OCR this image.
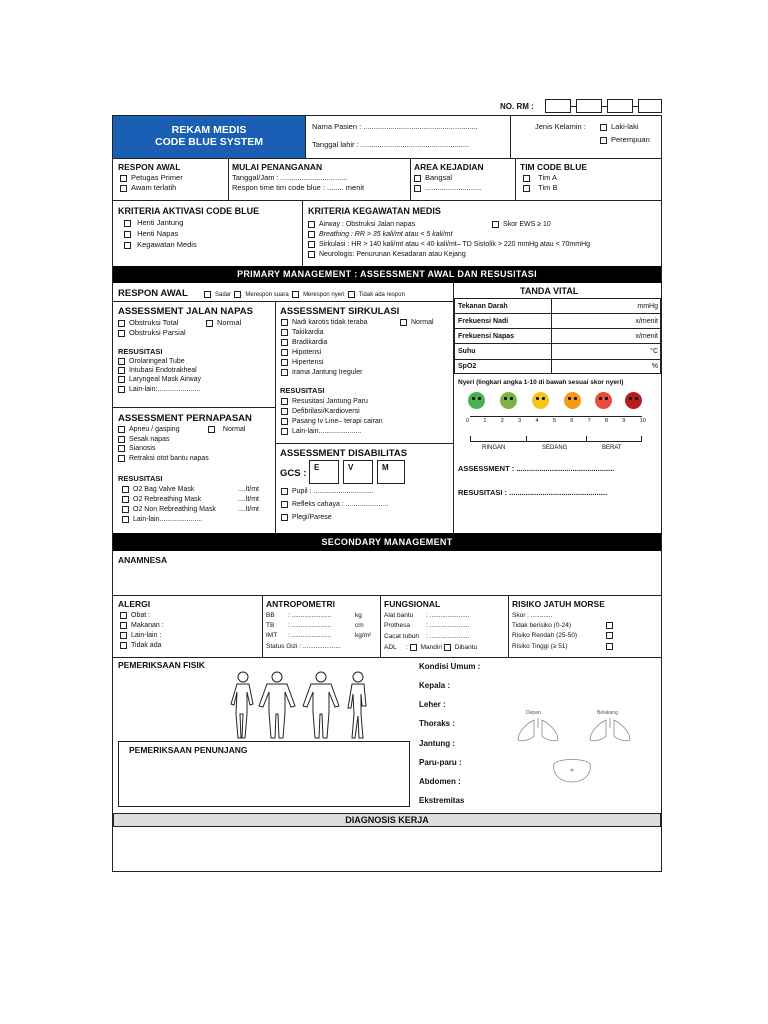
NO. RM :
REKAM MEDIS
CODE BLUE SYSTEM
Nama Pasien : .......................................................
Tanggal lahir : ....................................................
Jenis Kelamin :	Laki-laki
Perempuan
RESPON AWAL
Petugas Primer
Awam terlatih
MULAI PENANGANAN
Tanggal/Jam : ................................
Respon time tim code blue : ........ menit
AREA KEJADIAN
Bangsal
...........................
TIM CODE BLUE
Tim A
Tim B
KRITERIA AKTIVASI CODE BLUE
Henti Jantung
Henti Napas
Kegawatan Medis
KRITERIA KEGAWATAN MEDIS
Airway : Obstruksi Jalan napas	Skor EWS ≥ 10
Breathing : RR > 35 kali/mt atau < 5 kali/mt
Sirkulasi : HR > 140 kali/mt atau < 40 kali/mt– TD Sistolik > 220 mmHg atau < 70mmHg
Neurologis: Penurunan Kesadaran atau Kejang
PRIMARY MANAGEMENT : ASSESSMENT AWAL DAN RESUSITASI
RESPON AWAL	Sadar Merespon suara Merespon nyeri Tidak ada respon
ASSESSMENT JALAN NAPAS
Obstruksi Total	Normal
Obstruksi Parsial
RESUSITASI
Orolaringeal Tube
Intubasi Endotrakheal
Laryngeal Mask Airway
Lain-lain:......................
ASSESSMENT PERNAPASAN
Apneu / gasping	Normal
Sesak napas
Sianosis
Retraksi otot bantu napas
RESUSITASI
O2 Bag Valve Mask	....lt/mt
O2 Rebreathing Mask	....lt/mt
O2 Non Rebreathing Mask	....lt/mt
Lain-lain......................
ASSESSMENT SIRKULASI
Nadi karotis tidak teraba	Normal
Takikardia
Bradikardia
Hipotensi
Hipertensi
Irama Jantung Ireguler
RESUSITASI
Resusitasi Jantung Paru
Defibrilasi/Kardioversi
Pasang Iv Line– terapi cairan
Lain-lain......................
ASSESSMENT DISABILITAS
GCS :
E	V	M
Pupil : ...............................
Refleks cahaya : ......................
Plegi/Parese
TANDA VITAL
Tekanan Darah	mmHg
Frekuensi Nadi	x/menit
Frekuensi Napas	x/menit
Suhu	°C
SpO2	%
Nyeri (lingkari angka 1-10 di bawah sesuai skor nyeri)
0	1	2	3	4	5	6	7	8	9	10
RINGAN	SEDANG	BERAT
ASSESSMENT : ...............................................
RESUSITASI : ...............................................
SECONDARY MANAGEMENT
ANAMNESA
ALERGI
Obat :
Makanan :
Lain-lain :
Tidak ada
ANTROPOMETRI
BB : ......................	kg
TB : ......................	cm
IMT : ......................	kg/m²
Status Gizi : .....................
FUNGSIONAL
Alat bantu : ......................
Prothesa : ......................
Cacat tubuh : ......................
ADL : Mandiri Dibantu
RISIKO JATUH MORSE
Skor : ............
Tidak berisiko (0-24)
Risiko Rendah (25-50)
Risiko Tinggi (≥ 51)
PEMERIKSAAN FISIK
PEMERIKSAAN PENUNJANG
Kondisi Umum :
Kepala :
Leher :
Thoraks :
Jantung :
Paru-paru :
Abdomen :
Ekstremitas
Depan	Belakang
DIAGNOSIS KERJA
